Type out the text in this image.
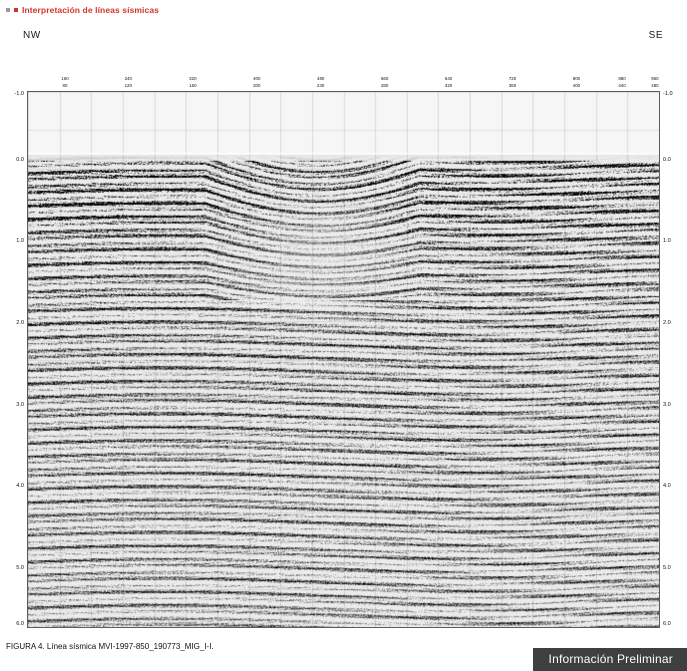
Interpretación de líneas sísmicas
NW	SE
160
80
240
120
320
160
400
200
480
240
560
280
640
320
720
360
800
400
880
440
960
480
-1.0	-1.0
0.0	0.0
1.0	1.0
2.0	2.0
3.0	3.0
4.0	4.0
5.0	5.0
6.0	6.0
FIGURA 4. Línea sísmica MVI-1997-850_190773_MIG_I-I.
Información Preliminar
